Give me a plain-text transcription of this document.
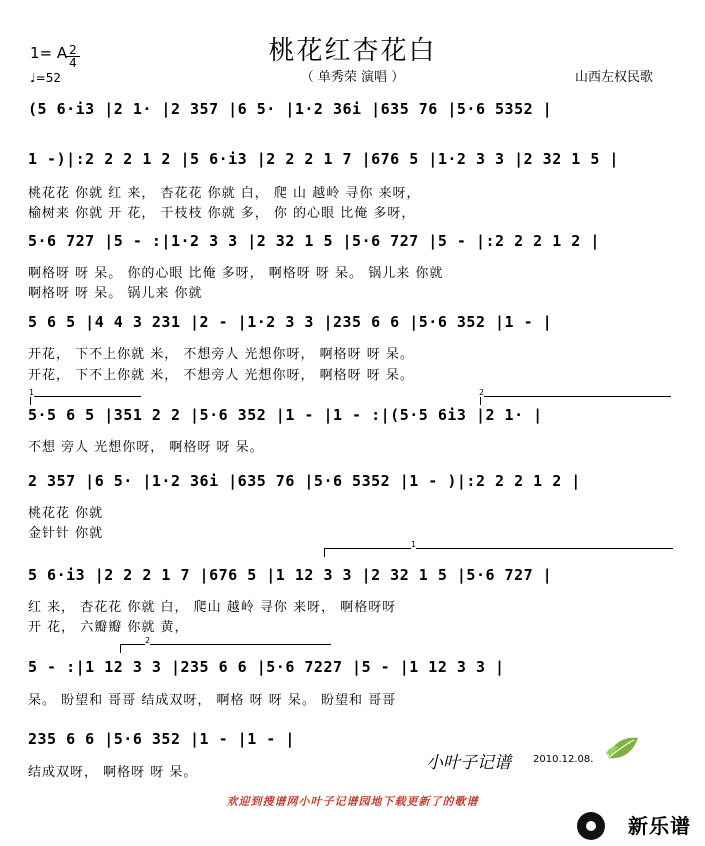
桃花红杏花白
（ 单秀荣 演唱 ）	山西左权民歌
1= A 2
4
♩=52
(5 6·i3 |2 1· |2 357 |6 5· |1·2 36i |635 76 |5·6 5352 |
1 -)|:2 2 2 1 2 |5 6·i3 |2 2 2 1 7 |676 5 |1·2 3 3 |2 32 1 5 |
桃花花 你就 红 来， 杏花花 你就 白， 爬 山 越岭 寻你 来呀，
榆树来 你就 开 花， 干枝枝 你就 多， 你 的心眼 比俺 多呀，
5·6 727 |5 - :|1·2 3 3 |2 32 1 5 |5·6 727 |5 - |:2 2 2 1 2 |
啊格呀 呀 呆。 你的心眼 比俺 多呀， 啊格呀 呀 呆。 锅儿来 你就
啊格呀 呀 呆。 锅儿来 你就
5 6 5 |4 4 3 231 |2 - |1·2 3 3 |235 6 6 |5·6 352 |1 - |
开花， 下不上你就 米， 不想旁人 光想你呀， 啊格呀 呀 呆。
开花， 下不上你就 米， 不想旁人 光想你呀， 啊格呀 呀 呆。
1	2
5·5 6 5 |351 2 2 |5·6 352 |1 - |1 - :|(5·5 6i3 |2 1· |
不想 旁人 光想你呀， 啊格呀 呀 呆。
2 357 |6 5· |1·2 36i |635 76 |5·6 5352 |1 - )|:2 2 2 1 2 |
桃花花 你就
金针针 你就
1
5 6·i3 |2 2 2 1 7 |676 5 |1 12 3 3 |2 32 1 5 |5·6 727 |
红 来， 杏花花 你就 白， 爬山 越岭 寻你 来呀， 啊格呀呀
开 花， 六瓣瓣 你就 黄，
2
5 - :|1 12 3 3 |235 6 6 |5·6 7227 |5 - |1 12 3 3 |
呆。 盼望和 哥哥 结成双呀， 啊格 呀 呀 呆。 盼望和 哥哥
235 6 6 |5·6 352 |1 - |1 - |
结成双呀， 啊格呀 呀 呆。	小叶子记谱 2010.12.08.
欢迎到搜谱网小叶子记谱园地下载更新了的歌谱
新乐谱
